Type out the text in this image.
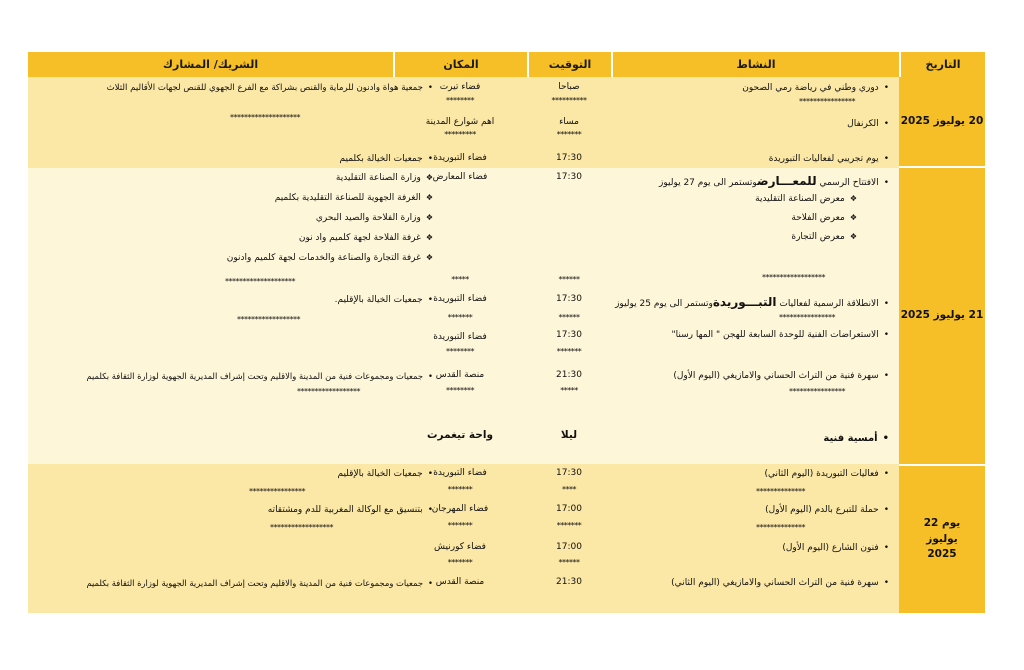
التاريخ
النشاط
التوقيت
المكان
الشريك/ المشارك
20 يوليوز 2025
21 يوليوز 2025
يوم 22 يوليوز 2025
• دوري وطني في رياضة رمي الصحون
****************
صباحا
**********
فضاء تيرت
********
• جمعية هواة وادنون للرماية والقنص بشراكة مع الفرع الجهوي للقنص لجهات الأقاليم الثلاث
********************
• الكرنفال
مساء
*******
اهم شوارع المدينة
*********
• يوم تجريبي لفعاليات التبوريدة
17:30
فضاء التبوريدة
• جمعيات الخيالة بكلميم
• الافتتاح الرسمي للمعـــارضوتستمر الى يوم 27 يوليوز
❖ معرض الصناعة التقليدية
❖ معرض الفلاحة
❖ معرض التجارة
******************
17:30
******
فضاء المعارض
*****
❖ وزارة الصناعة التقليدية
❖ الغرفة الجهوية للصناعة التقليدية بكلميم
❖ وزارة الفلاحة والصيد البحري
❖ غرفة الفلاحة لجهة كلميم واد نون
❖ غرفة التجارة والصناعة والخدمات لجهة كلميم وادنون
********************
• الانطلاقة الرسمية لفعاليات التبـــوريدةوتستمر الى يوم 25 يوليوز
****************
17:30
******
فضاء التبوريدة
*******
• جمعيات الخيالة بالإقليم.
******************
• الاستعراضات الفنية للوحدة السابعة للهجن " المها رسنا"
17:30
*******
فضاء التبوريدة
********
• سهرة فنية من التراث الحساني والامازيغي (اليوم الأول)
****************
21:30
*****
منصة القدس
********
• جمعيات ومجموعات فنية من المدينة والاقليم وتحت إشراف المديرية الجهوية لوزارة الثقافة بكلميم
******************
• أمسية فنية
ليلا
واحة تيغمرت
• فعاليات التبوريدة (اليوم الثاني)
**************
17:30
****
فضاء التبوريدة
*******
• جمعيات الخيالة بالإقليم
****************
• حملة للتبرع بالدم (اليوم الأول)
**************
17:00
*******
فضاء المهرجان
*******
• بتنسيق مع الوكالة المغربية للدم ومشتقاته
******************
• فنون الشارع (اليوم الأول)
17:00
******
فضاء كورنيش
*******
• سهرة فنية من التراث الحساني والامازيغي (اليوم الثاني)
21:30
منصة القدس
• جمعيات ومجموعات فنية من المدينة والاقليم وتحت إشراف المديرية الجهوية لوزارة الثقافة بكلميم
